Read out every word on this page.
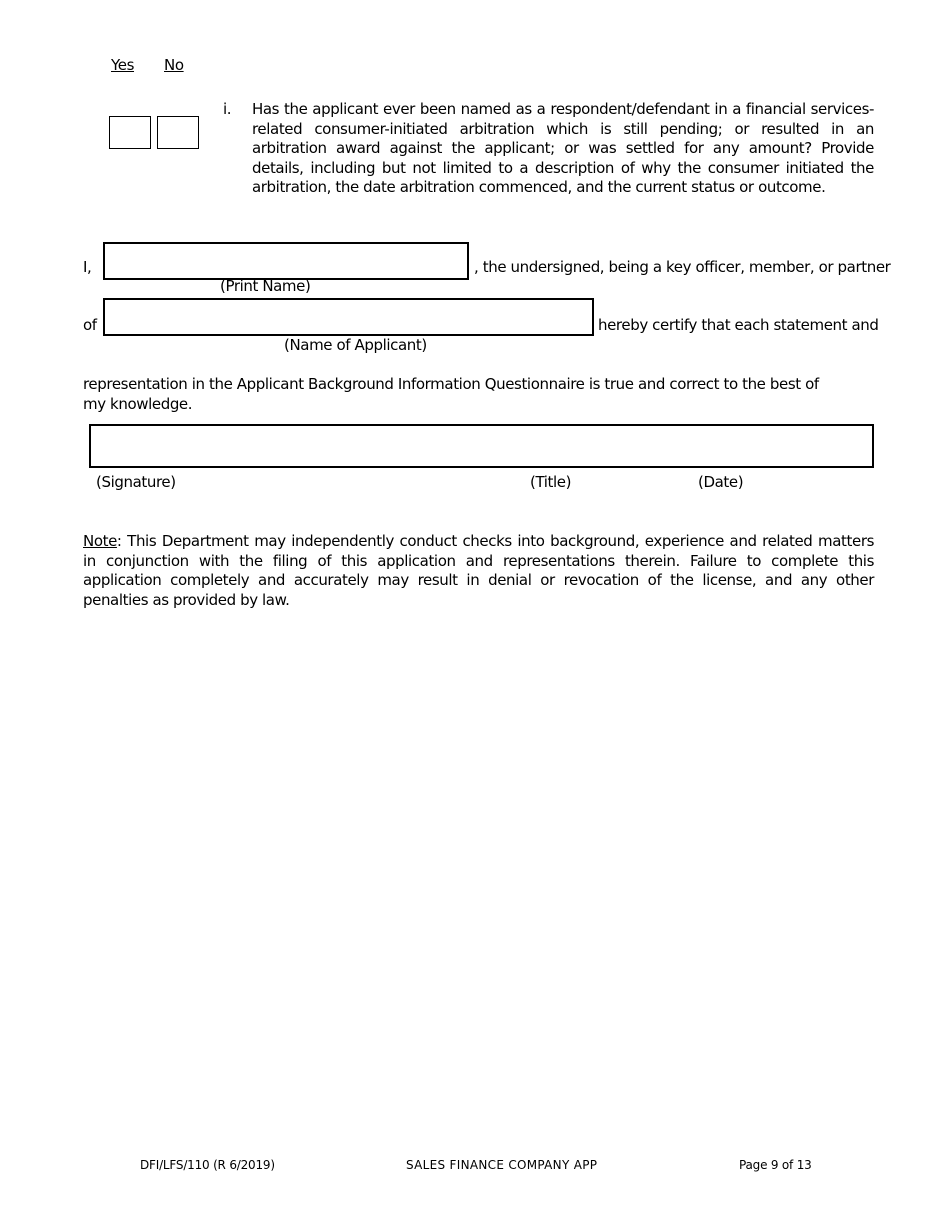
Yes No
i. Has the applicant ever been named as a respondent/defendant in a financial services-related consumer-initiated arbitration which is still pending; or resulted in an arbitration award against the applicant; or was settled for any amount? Provide details, including but not limited to a description of why the consumer initiated the arbitration, the date arbitration commenced, and the current status or outcome.
I,	, the undersigned, being a key officer, member, or partner
(Print Name)
of	hereby certify that each statement and
(Name of Applicant)
representation in the Applicant Background Information Questionnaire is true and correct to the best of my knowledge.
(Signature)	(Title)	(Date)
Note: This Department may independently conduct checks into background, experience and related matters in conjunction with the filing of this application and representations therein. Failure to complete this application completely and accurately may result in denial or revocation of the license, and any other penalties as provided by law.
DFI/LFS/110 (R 6/2019)	SALES FINANCE COMPANY APP	Page 9 of 13
